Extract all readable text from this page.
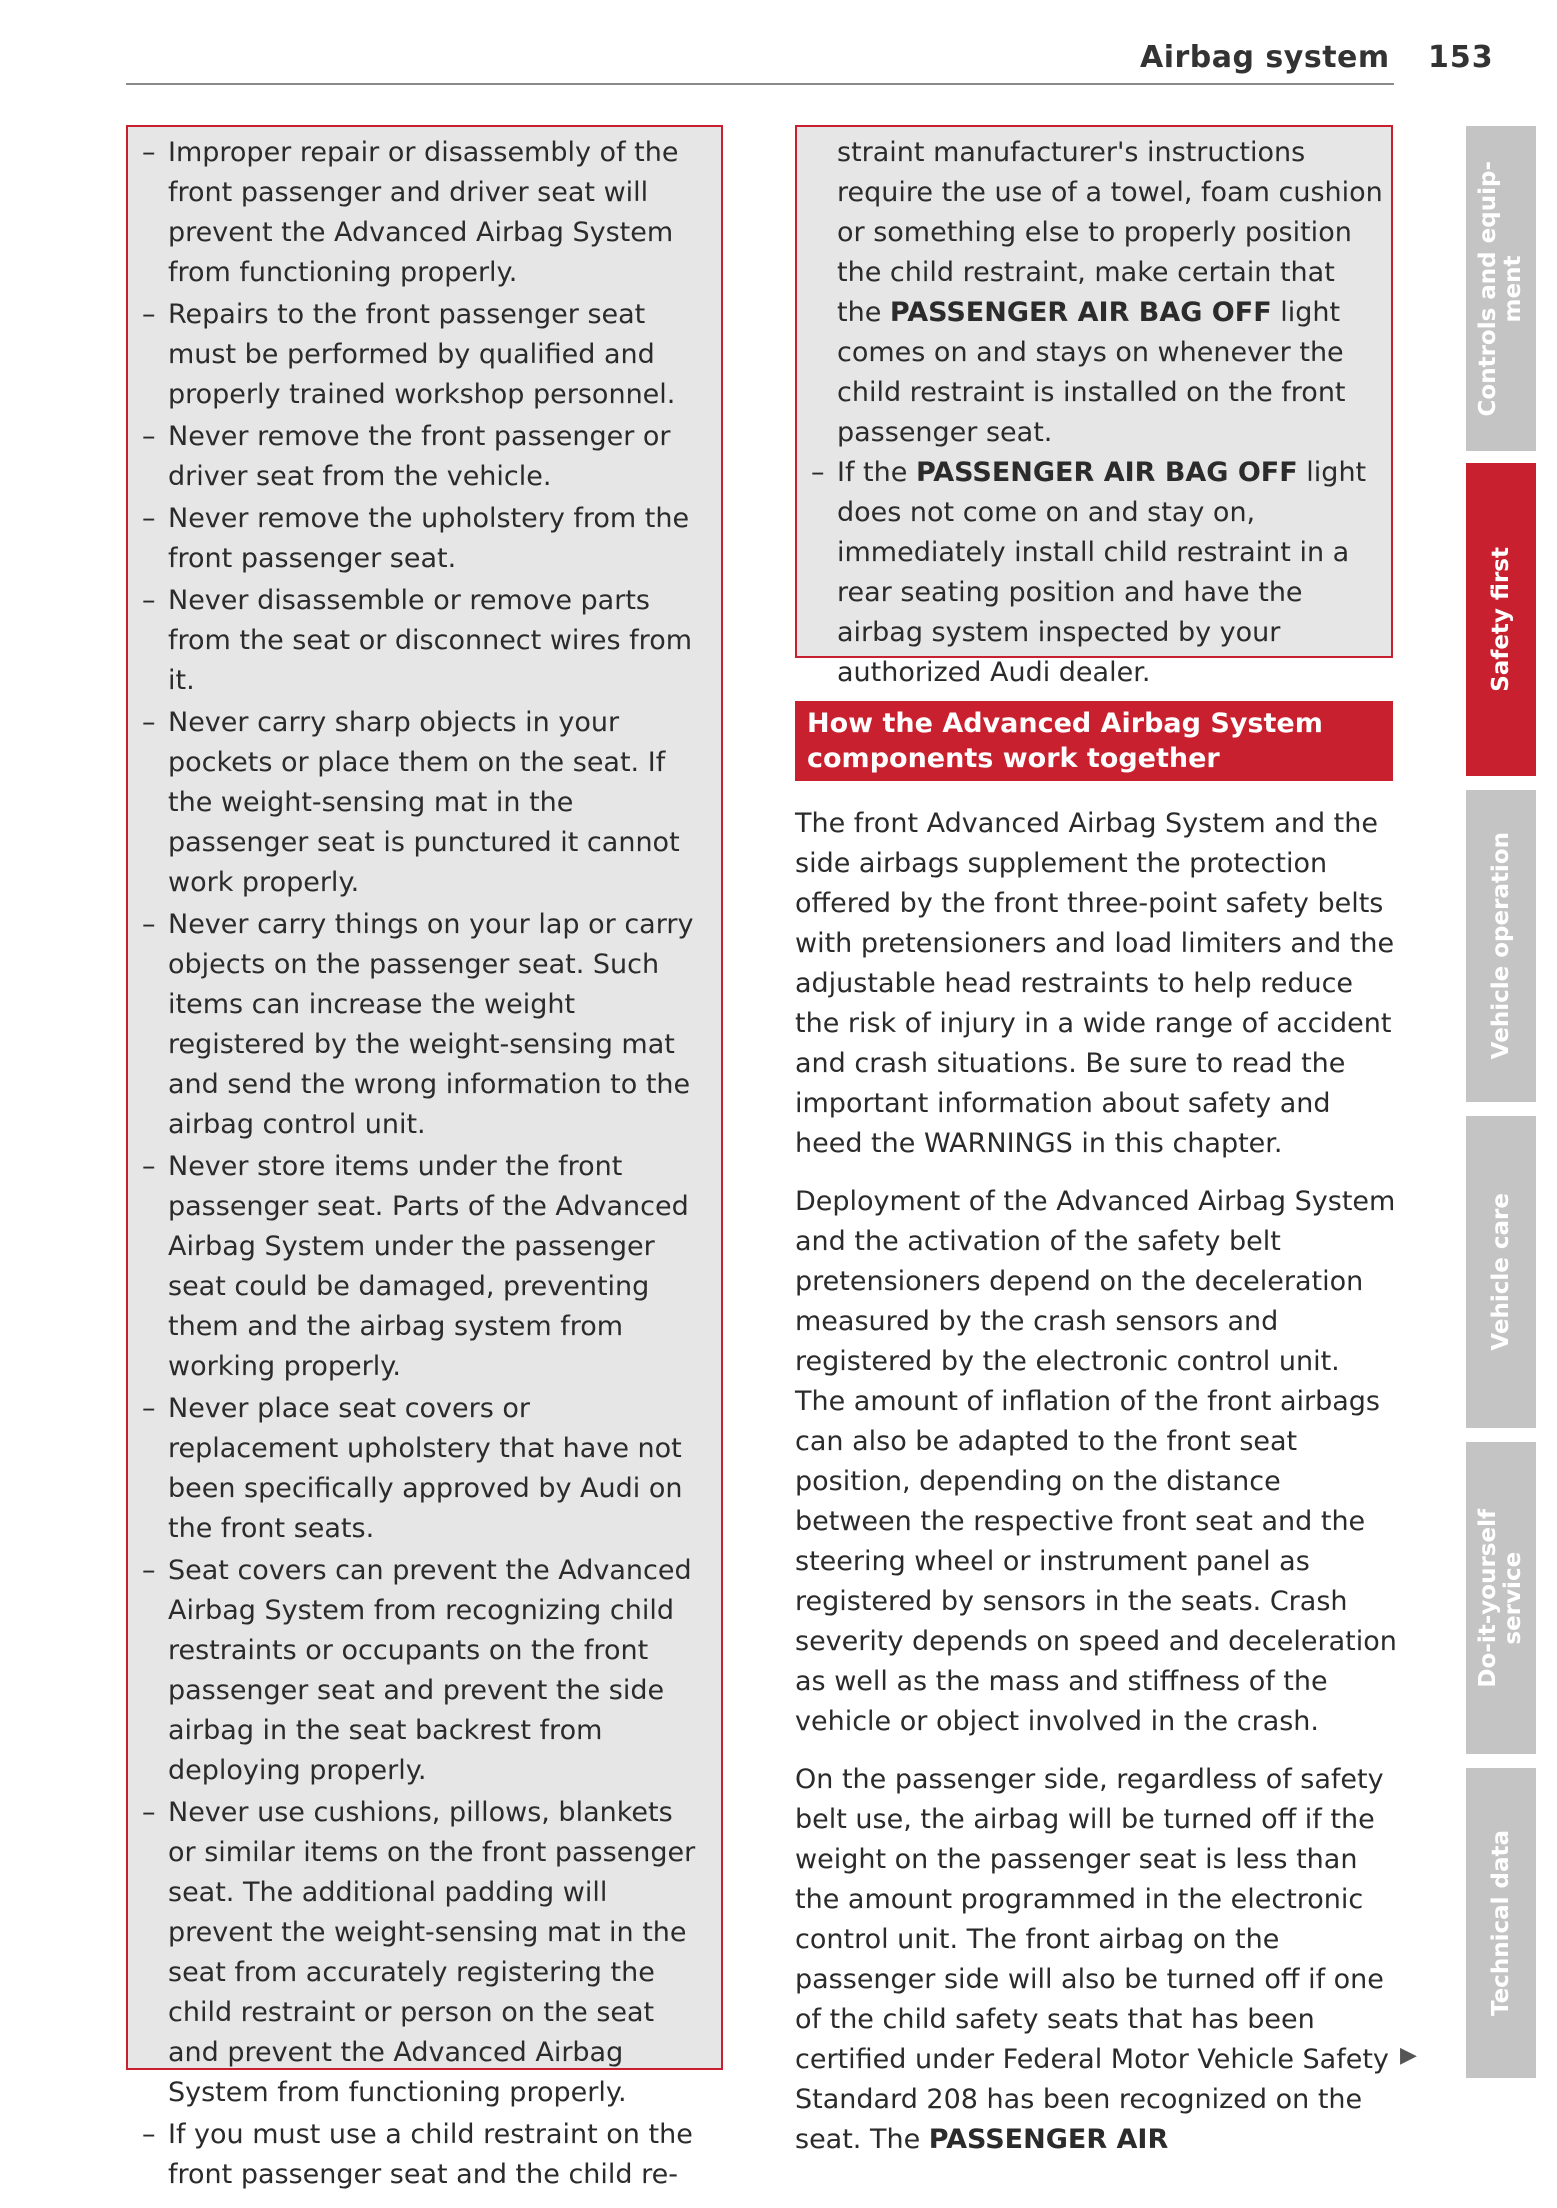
Airbag system 153
– Improper repair or disassembly of the front passenger and driver seat will prevent the Advanced Airbag System from functioning properly.
– Repairs to the front passenger seat must be performed by qualified and properly trained workshop personnel.
– Never remove the front passenger or driver seat from the vehicle.
– Never remove the upholstery from the front passenger seat.
– Never disassemble or remove parts from the seat or disconnect wires from it.
– Never carry sharp objects in your pockets or place them on the seat. If the weight-sensing mat in the passenger seat is punctured it cannot work properly.
– Never carry things on your lap or carry objects on the passenger seat. Such items can increase the weight registered by the weight-sensing mat and send the wrong information to the airbag control unit.
– Never store items under the front passenger seat. Parts of the Advanced Airbag System under the passenger seat could be damaged, preventing them and the airbag system from working properly.
– Never place seat covers or replacement upholstery that have not been specifically approved by Audi on the front seats.
– Seat covers can prevent the Advanced Airbag System from recognizing child restraints or occupants on the front passenger seat and prevent the side airbag in the seat backrest from deploying properly.
– Never use cushions, pillows, blankets or similar items on the front passenger seat. The additional padding will prevent the weight-sensing mat in the seat from accurately registering the child restraint or person on the seat and prevent the Advanced Airbag System from functioning properly.
– If you must use a child restraint on the front passenger seat and the child re-

straint manufacturer's instructions require the use of a towel, foam cushion or something else to properly position the child restraint, make certain that the PASSENGER AIR BAG OFF light comes on and stays on whenever the child restraint is installed on the front passenger seat.

– If the PASSENGER AIR BAG OFF light does not come on and stay on, immediately install child restraint in a rear seating position and have the airbag system inspected by your authorized Audi dealer.
How the Advanced Airbag System components work together

The front Advanced Airbag System and the side airbags supplement the protection offered by the front three-point safety belts with pretensioners and load limiters and the adjustable head restraints to help reduce the risk of injury in a wide range of accident and crash situations. Be sure to read the important information about safety and heed the WARNINGS in this chapter.

Deployment of the Advanced Airbag System and the activation of the safety belt pretensioners depend on the deceleration measured by the crash sensors and registered by the electronic control unit. The amount of inflation of the front airbags can also be adapted to the front seat position, depending on the distance between the respective front seat and the steering wheel or instrument panel as registered by sensors in the seats. Crash severity depends on speed and deceleration as well as the mass and stiffness of the vehicle or object involved in the crash.

On the passenger side, regardless of safety belt use, the airbag will be turned off if the weight on the passenger seat is less than the amount programmed in the electronic control unit. The front airbag on the passenger side will also be turned off if one of the child safety seats that has been certified under Federal Motor Vehicle Safety Standard 208 has been recognized on the seat. The PASSENGER AIR

▶
Controls and equip-
ment
Safety first
Vehicle operation
Vehicle care
Do-it-yourself
service
Technical data
